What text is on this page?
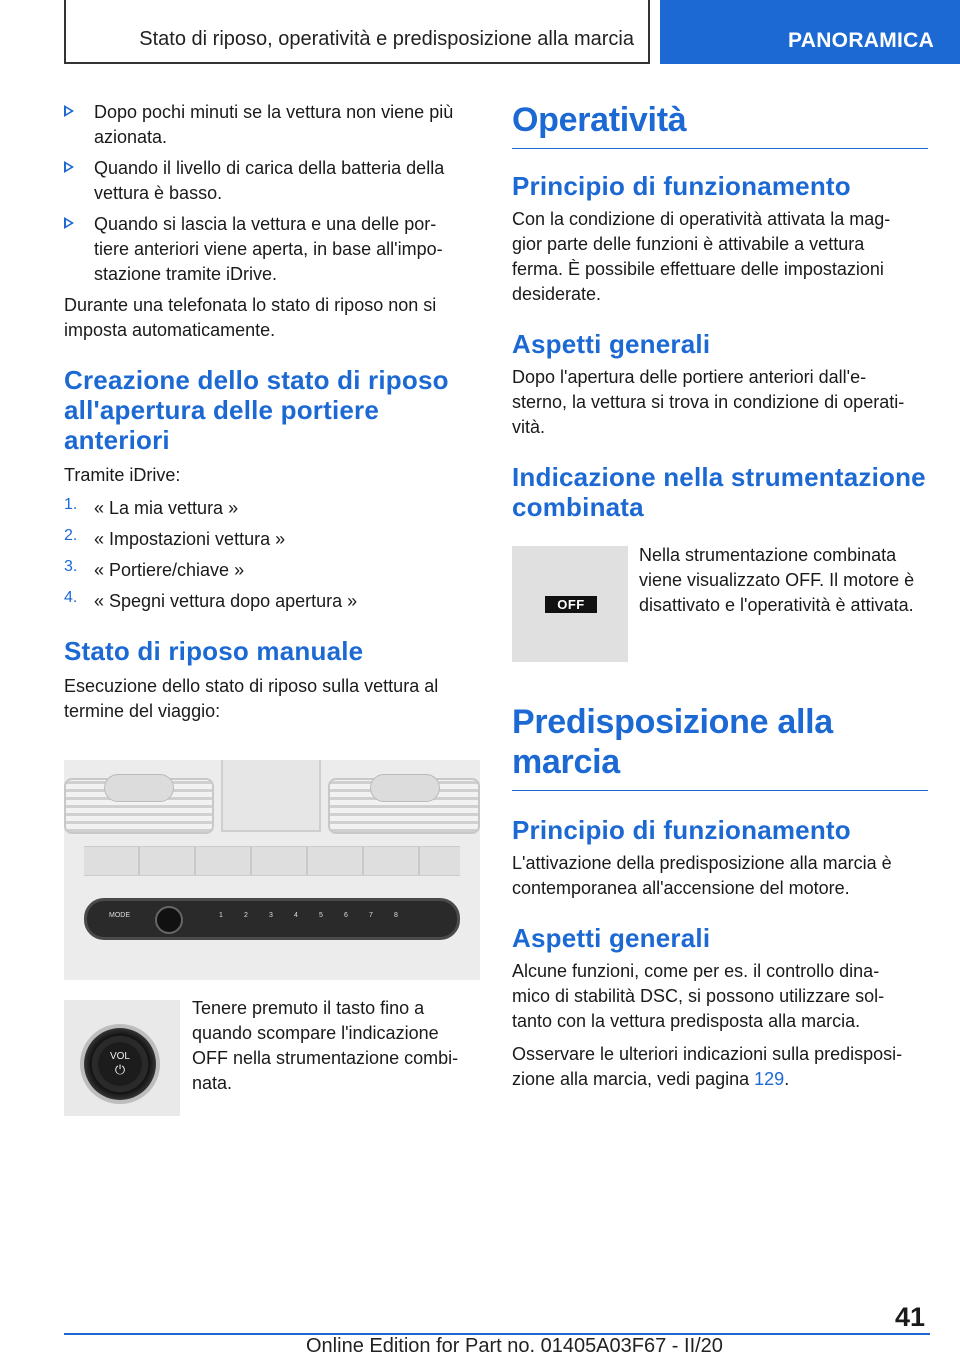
Stato di riposo, operatività e predisposizione alla marcia	PANORAMICA

Dopo pochi minuti se la vettura non viene più
azionata.

Quando il livello di carica della batteria della
vettura è basso.

Quando si lascia la vettura e una delle por-
tiere anteriori viene aperta, in base all'impo-
stazione tramite iDrive.

Durante una telefonata lo stato di riposo non si
imposta automaticamente.

Creazione dello stato di riposo
all'apertura delle portiere
anteriori

Tramite iDrive:

1. « La mia vettura »

2. « Impostazioni vettura »

3. « Portiere/chiave »

4. « Spegni vettura dopo apertura »

Stato di riposo manuale

Esecuzione dello stato di riposo sulla vettura al
termine del viaggio:

MODE	1	2	3	4	5	6	7	8
VOL
⏻

Tenere premuto il tasto fino a
quando scompare l'indicazione
OFF nella strumentazione combi-
nata.

Operatività
Principio di funzionamento

Con la condizione di operatività attivata la mag-
gior parte delle funzioni è attivabile a vettura
ferma. È possibile effettuare delle impostazioni
desiderate.

Aspetti generali

Dopo l'apertura delle portiere anteriori dall'e-
sterno, la vettura si trova in condizione di operati-
vità.

Indicazione nella strumentazione
combinata
OFF

Nella strumentazione combinata
viene visualizzato OFF. Il motore è
disattivato e l'operatività è attivata.

Predisposizione alla marcia
Principio di funzionamento

L'attivazione della predisposizione alla marcia è
contemporanea all'accensione del motore.

Aspetti generali

Alcune funzioni, come per es. il controllo dina-
mico di stabilità DSC, si possono utilizzare sol-
tanto con la vettura predisposta alla marcia.

Osservare le ulteriori indicazioni sulla predisposi-
zione alla marcia, vedi pagina 129.

41
Online Edition for Part no. 01405A03F67 - II/20
